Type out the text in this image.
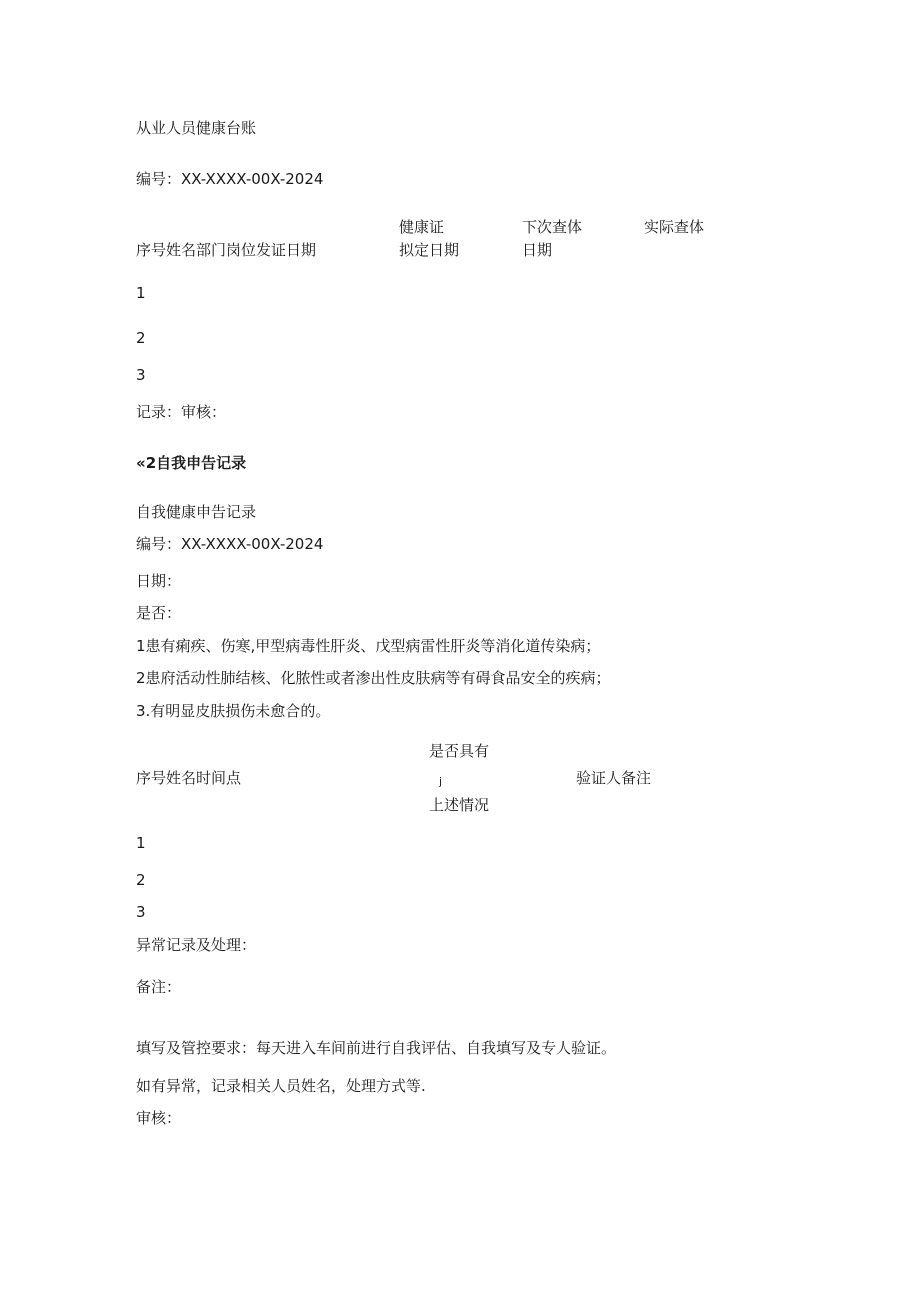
从业人员健康台账

编号：XX-XXXX-00X-2024

序号姓名部门岗位发证日期
健康证
拟定日期
下次查体
日期
实际查体
1
2
3

记录：审核：

«2自我申告记录

自我健康申告记录

编号：XX-XXXX-00X-2024

日期：

是否：

1患有痢疾、伤寒,甲型病毒性肝炎、戊型病雷性肝炎等消化道传染病；

2患府活动性肺结核、化脓性或者渗出性皮肤病等有碍食品安全的疾病；

3.有明显皮肤损伤未愈合的。

序号姓名时间点
是否具有
j
上述情况
验证人备注
1
2
3

异常记录及处理：

备注：

填写及管控要求：每天进入车间前进行自我评估、自我填写及专人验证。

如有异常，记录相关人员姓名，处理方式等.

审核：
